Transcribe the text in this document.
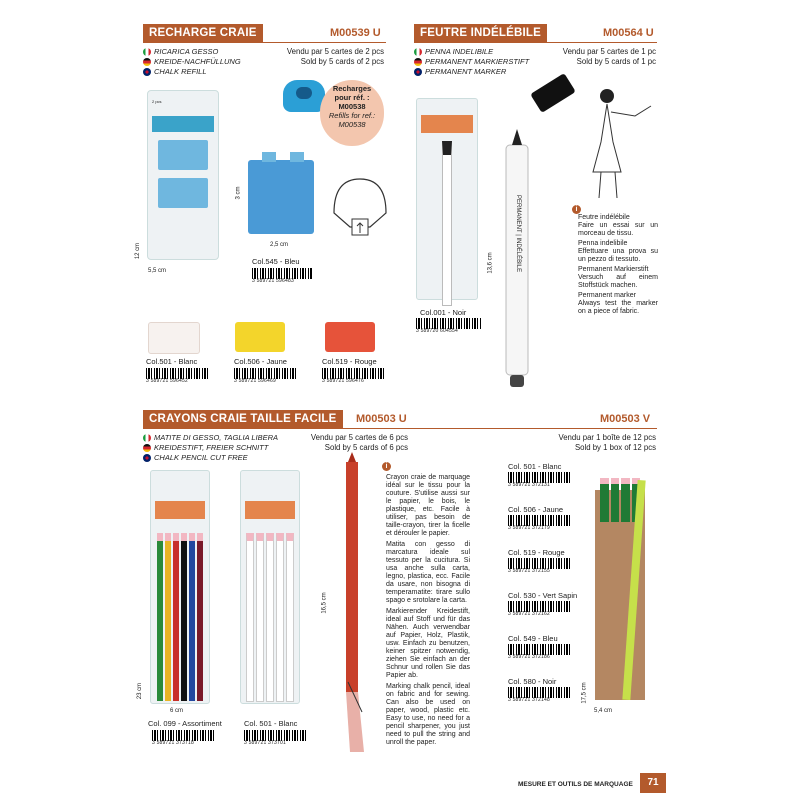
RECHARGE CRAIE	M00539 U
RICARICA GESSO
KREIDE-NACHFÜLLUNG
CHALK REFILL
Vendu par 5 cartes de 2 pcs
Sold by 5 cards of 2 pcs
Recharges
pour réf. :
M00538
Refills for ref.:
M00538
2 pcs
12 cm
5,5 cm
3 cm
2,5 cm
Col.545 - Bleu
3 589721 596483
Col.501 - Blanc
3 589721 596452
Col.506 - Jaune
3 589721 596469
Col.519 - Rouge
3 589721 596476
FEUTRE INDÉLÉBILE	M00564 U
PENNA INDELIBILE
PERMANENT MARKIERSTIFT
PERMANENT MARKER
Vendu par 5 cartes de 1 pc
Sold by 5 cards of 1 pc
PERMANENT | INDÉLÉBILE
13,6 cm
i
Feutre indélébile
Faire un essai sur un morceau de tissu.
Penna indelibile
Effettuare una prova su un pezzo di tessuto.
Permanent Markierstift
Versuch auf einem Stoffstück machen.
Permanent marker
Always test the marker on a piece of fabric.
Col.001 - Noir
3 589720 604554
CRAYONS CRAIE TAILLE FACILE	M00503 U	M00503 V
MATITE DI GESSO, TAGLIA LIBERA
KREIDESTIFT, FREIER SCHNITT
CHALK PENCIL CUT FREE
Vendu par 5 cartes de 6 pcs
Sold by 5 cards of 6 pcs
Vendu par 1 boîte de 12 pcs
Sold by 1 box of 12 pcs
23 cm
6 cm
16,5 cm
i
Crayon craie de marquage idéal sur le tissu pour la couture. S'utilise aussi sur le papier, le bois, le plastique, etc. Facile à utiliser, pas besoin de taille-crayon, tirer la ficelle et dérouler le papier.
Matita con gesso di marcatura ideale sul tessuto per la cucitura. Si usa anche sulla carta, legno, plastica, ecc. Facile da usare, non bisogna di temperamatite: tirare sullo spago e srotolare la carta.
Markierender Kreidestift, ideal auf Stoff und für das Nähen. Auch verwendbar auf Papier, Holz, Plastik, usw. Einfach zu benutzen, keiner spitzer notwendig, ziehen Sie einfach an der Schnur und rollen Sie das Papier ab.
Marking chalk pencil, ideal on fabric and for sewing. Can also be used on paper, wood, plastic etc. Easy to use, no need for a pencil sharpener, you just need to pull the string and unroll the paper.
Col. 099 - Assortiment
3 589721 373718
Col. 501 - Blanc
3 589721 373701
Col. 501 - Blanc
3 589721 372131
Col. 506 - Jaune
3 589721 372179
Col. 519 - Rouge
3 589721 372155
Col. 530 - Vert Sapin
3 589721 372162
Col. 549 - Bleu
3 589721 372186
Col. 580 - Noir
3 589721 372148	17,5 cm
5,4 cm
MESURE ET OUTILS DE MARQUAGE	71
